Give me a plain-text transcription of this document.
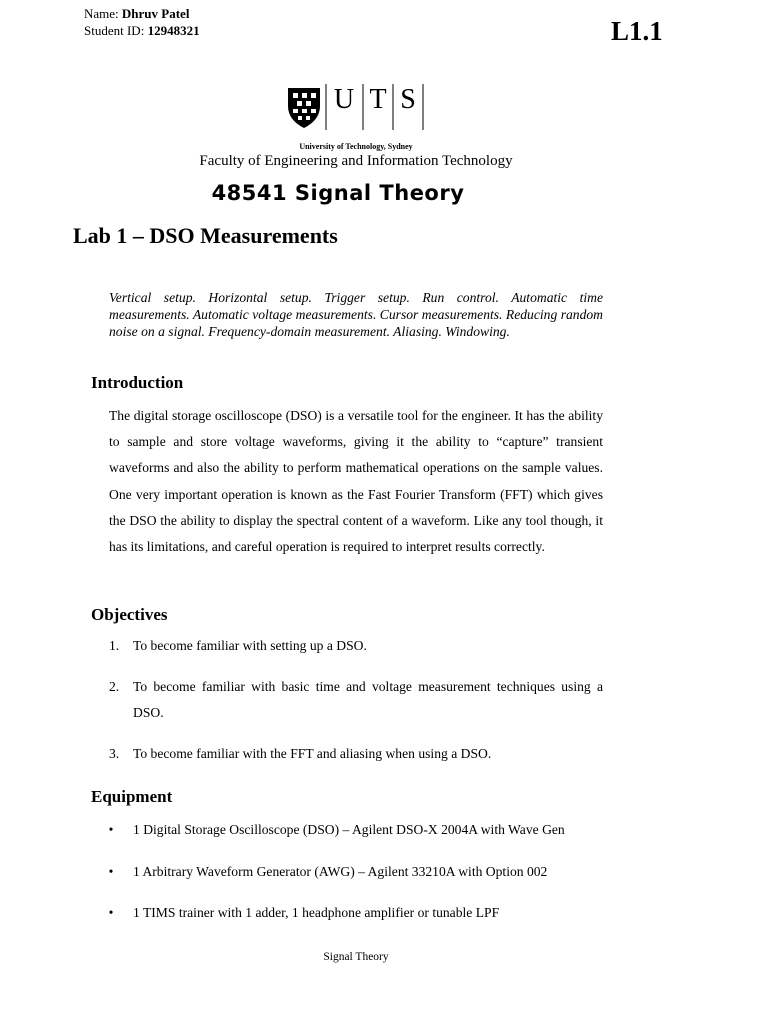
Name: Dhruv Patel
Student ID: 12948321	L1.1
U T S
University of Technology, Sydney
Faculty of Engineering and Information Technology
48541 Signal Theory
Lab 1 – DSO Measurements
Vertical setup. Horizontal setup. Trigger setup. Run control. Automatic time measurements. Automatic voltage measurements. Cursor measurements. Reducing random noise on a signal. Frequency-domain measurement. Aliasing. Windowing.
Introduction
The digital storage oscilloscope (DSO) is a versatile tool for the engineer. It has the ability to sample and store voltage waveforms, giving it the ability to “capture” transient waveforms and also the ability to perform mathematical operations on the sample values. One very important operation is known as the Fast Fourier Transform (FFT) which gives the DSO the ability to display the spectral content of a waveform. Like any tool though, it has its limitations, and careful operation is required to interpret results correctly.
Objectives
1.	To become familiar with setting up a DSO.
2.	To become familiar with basic time and voltage measurement techniques using a DSO.
3.	To become familiar with the FFT and aliasing when using a DSO.
Equipment
•	1 Digital Storage Oscilloscope (DSO) – Agilent DSO-X 2004A with Wave Gen
•	1 Arbitrary Waveform Generator (AWG) – Agilent 33210A with Option 002
•	1 TIMS trainer with 1 adder, 1 headphone amplifier or tunable LPF
Signal Theory
